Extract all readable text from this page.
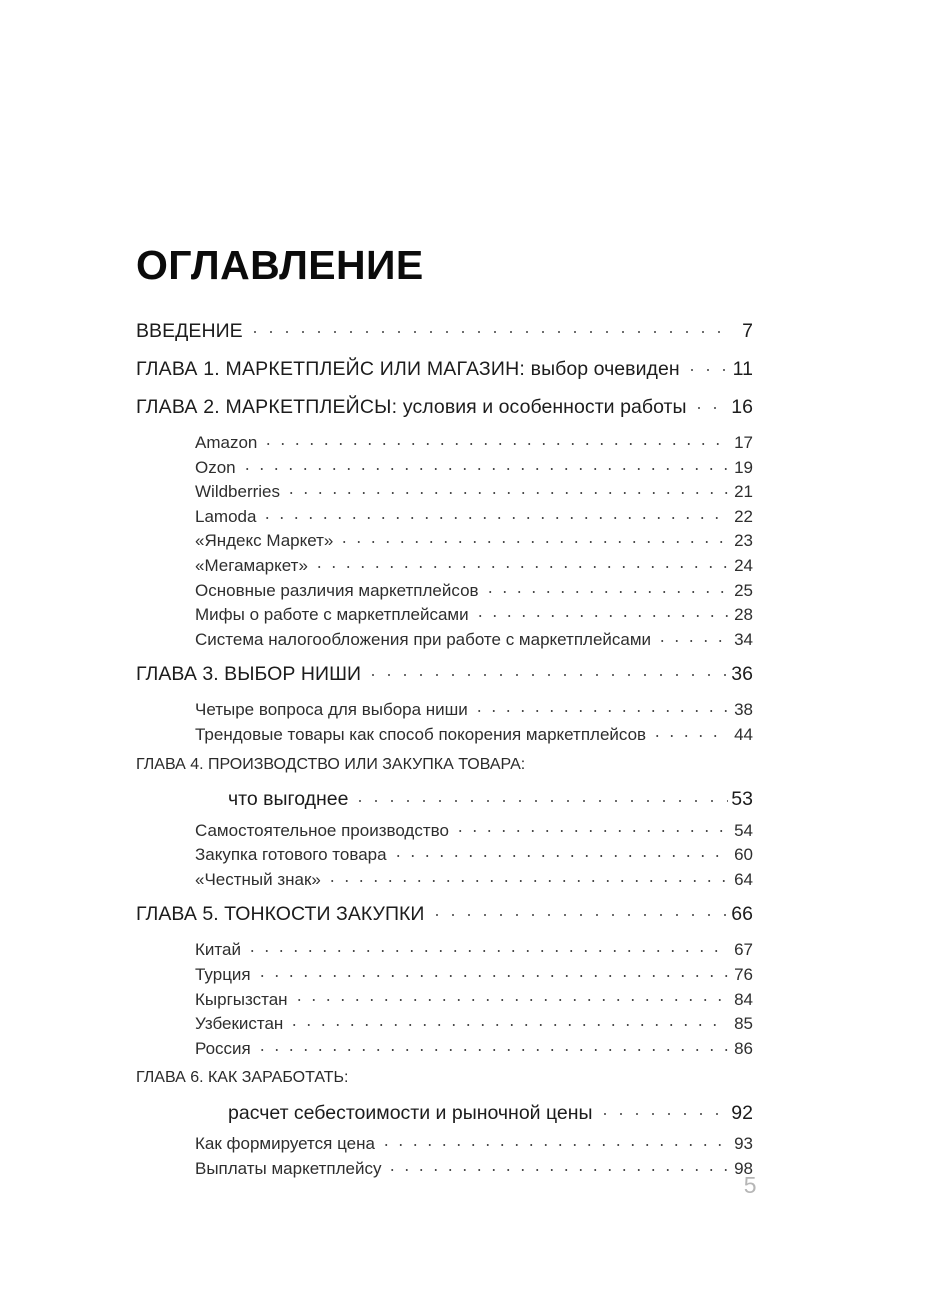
ОГЛАВЛЕНИЕ
ВВЕДЕНИЕ	7
ГЛАВА 1. МАРКЕТПЛЕЙС ИЛИ МАГАЗИН: выбор очевиден	11
ГЛАВА 2. МАРКЕТПЛЕЙСЫ: условия и особенности работы 16
Amazon	17
Ozon	19
Wildberries	21
Lamoda	22
«Яндекс Маркет»	23
«Мегамаркет»	24
Основные различия маркетплейсов	25
Мифы о работе с маркетплейсами	28
Система налогообложения при работе с маркетплейсами	34
ГЛАВА 3. ВЫБОР НИШИ	36
Четыре вопроса для выбора ниши	38
Трендовые товары как способ покорения маркетплейсов	44
ГЛАВА 4. ПРОИЗВОДСТВО ИЛИ ЗАКУПКА ТОВАРА:
что выгоднее	53
Самостоятельное производство	54
Закупка готового товара	60
«Честный знак»	64
ГЛАВА 5. ТОНКОСТИ ЗАКУПКИ	66
Китай	67
Турция	76
Кыргызстан	84
Узбекистан	85
Россия	86
ГЛАВА 6. КАК ЗАРАБОТАТЬ:
расчет себестоимости и рыночной цены	92
Как формируется цена	93
Выплаты маркетплейсу	98
5
